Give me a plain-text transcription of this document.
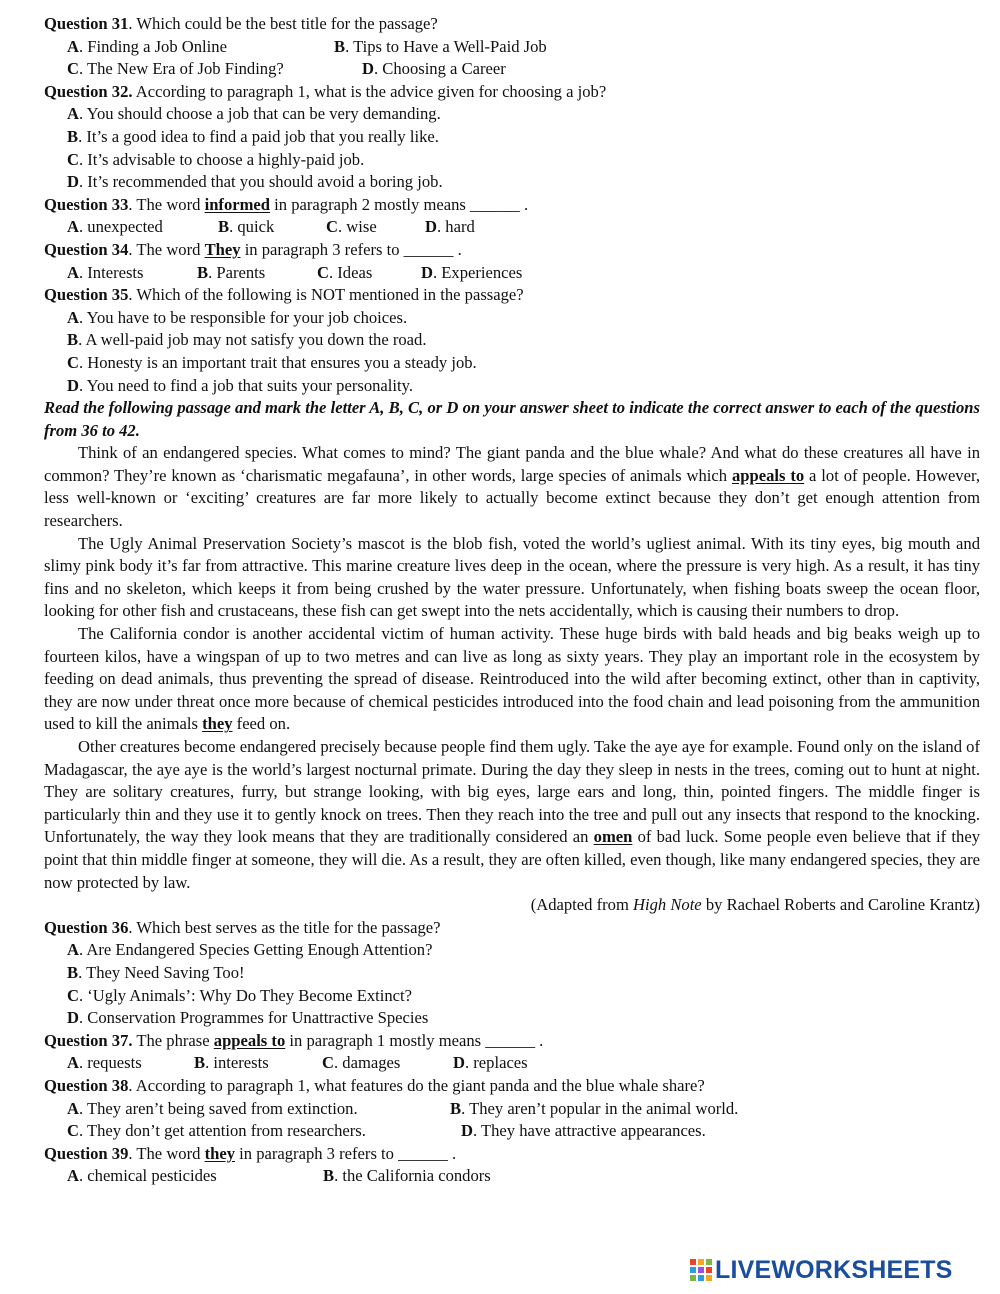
Question 31. Which could be the best title for the passage?
A. Finding a Job Online	B. Tips to Have a Well-Paid Job
C. The New Era of Job Finding?	D. Choosing a Career
Question 32. According to paragraph 1, what is the advice given for choosing a job?
A. You should choose a job that can be very demanding.
B. It’s a good idea to find a paid job that you really like.
C. It’s advisable to choose a highly-paid job.
D. It’s recommended that you should avoid a boring job.
Question 33. The word informed in paragraph 2 mostly means ______ .
A. unexpected	B. quick	C. wise	D. hard
Question 34. The word They in paragraph 3 refers to ______ .
A. Interests	B. Parents	C. Ideas	D. Experiences
Question 35. Which of the following is NOT mentioned in the passage?
A. You have to be responsible for your job choices.
B. A well-paid job may not satisfy you down the road.
C. Honesty is an important trait that ensures you a steady job.
D. You need to find a job that suits your personality.
Read the following passage and mark the letter A, B, C, or D on your answer sheet to indicate the correct answer to each of the questions from 36 to 42.
Think of an endangered species. What comes to mind? The giant panda and the blue whale? And what do these creatures all have in common? They’re known as ‘charismatic megafauna’, in other words, large species of animals which appeals to a lot of people. However, less well-known or ‘exciting’ creatures are far more likely to actually become extinct because they don’t get enough attention from researchers.
The Ugly Animal Preservation Society’s mascot is the blob fish, voted the world’s ugliest animal. With its tiny eyes, big mouth and slimy pink body it’s far from attractive. This marine creature lives deep in the ocean, where the pressure is very high. As a result, it has tiny fins and no skeleton, which keeps it from being crushed by the water pressure. Unfortunately, when fishing boats sweep the ocean floor, looking for other fish and crustaceans, these fish can get swept into the nets accidentally, which is causing their numbers to drop.
The California condor is another accidental victim of human activity. These huge birds with bald heads and big beaks weigh up to fourteen kilos, have a wingspan of up to two metres and can live as long as sixty years. They play an important role in the ecosystem by feeding on dead animals, thus preventing the spread of disease. Reintroduced into the wild after becoming extinct, other than in captivity, they are now under threat once more because of chemical pesticides introduced into the food chain and lead poisoning from the ammunition used to kill the animals they feed on.
Other creatures become endangered precisely because people find them ugly. Take the aye aye for example. Found only on the island of Madagascar, the aye aye is the world’s largest nocturnal primate. During the day they sleep in nests in the trees, coming out to hunt at night. They are solitary creatures, furry, but strange looking, with big eyes, large ears and long, thin, pointed fingers. The middle finger is particularly thin and they use it to gently knock on trees. Then they reach into the tree and pull out any insects that respond to the knocking. Unfortunately, the way they look means that they are traditionally considered an omen of bad luck. Some people even believe that if they point that thin middle finger at someone, they will die. As a result, they are often killed, even though, like many endangered species, they are now protected by law.
(Adapted from High Note by Rachael Roberts and Caroline Krantz)
Question 36. Which best serves as the title for the passage?
A. Are Endangered Species Getting Enough Attention?
B. They Need Saving Too!
C. ‘Ugly Animals’: Why Do They Become Extinct?
D. Conservation Programmes for Unattractive Species
Question 37. The phrase appeals to in paragraph 1 mostly means ______ .
A. requests	B. interests	C. damages	D. replaces
Question 38. According to paragraph 1, what features do the giant panda and the blue whale share?
A. They aren’t being saved from extinction.	B. They aren’t popular in the animal world.
C. They don’t get attention from researchers.	D. They have attractive appearances.
Question 39. The word they in paragraph 3 refers to ______ .
A. chemical pesticides	B. the California condors
LIVEWORKSHEETS
